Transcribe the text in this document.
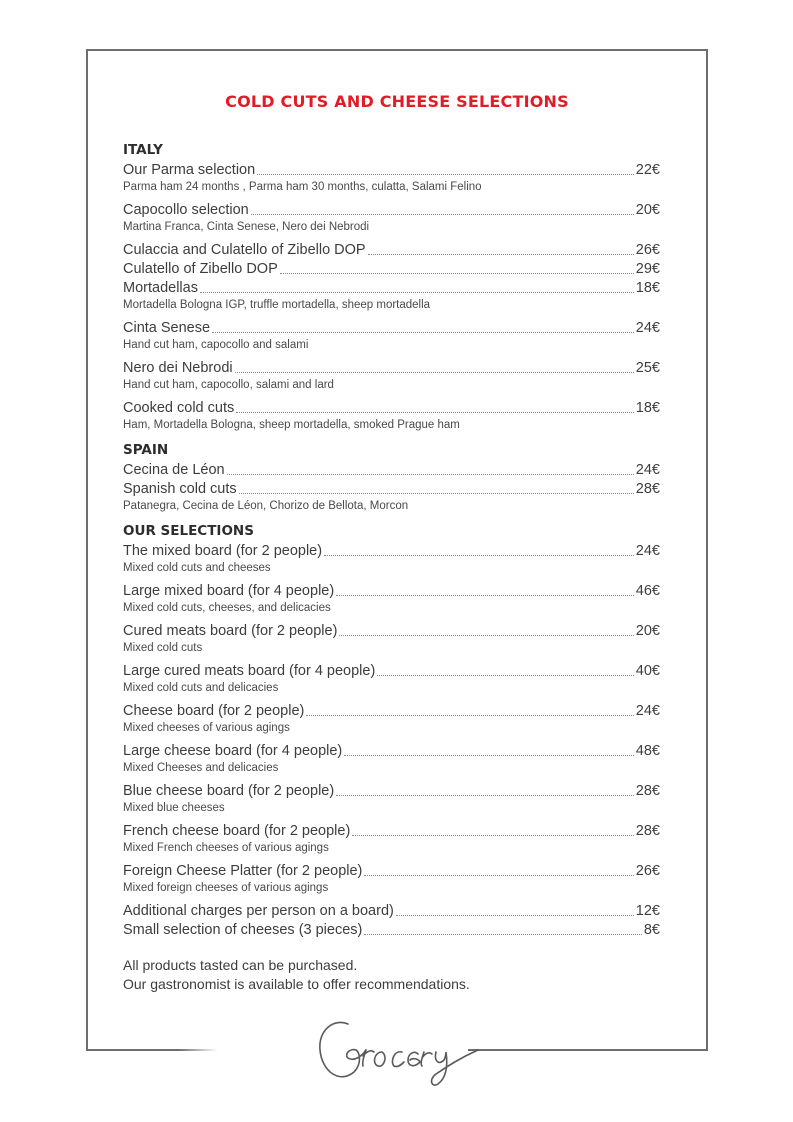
COLD CUTS AND CHEESE SELECTIONS
ITALY
Our Parma selection	22€
Parma ham 24 months , Parma ham 30 months, culatta, Salami Felino
Capocollo selection	20€
Martina Franca, Cinta Senese, Nero dei Nebrodi
Culaccia and Culatello of Zibello DOP	26€
Culatello of Zibello DOP	29€
Mortadellas	18€
Mortadella Bologna IGP, truffle mortadella, sheep mortadella
Cinta Senese	24€
Hand cut ham, capocollo and salami
Nero dei Nebrodi	25€
Hand cut ham, capocollo, salami and lard
Cooked cold cuts	18€
Ham, Mortadella Bologna, sheep mortadella, smoked Prague ham
SPAIN
Cecina de Léon	24€
Spanish cold cuts	28€
Patanegra, Cecina de Léon, Chorizo de Bellota, Morcon
OUR SELECTIONS
The mixed board (for 2 people)	24€
Mixed cold cuts and cheeses
Large mixed board (for 4 people)	46€
Mixed cold cuts, cheeses, and delicacies
Cured meats board (for 2 people)	20€
Mixed cold cuts
Large cured meats board (for 4 people)	40€
Mixed cold cuts and delicacies
Cheese board (for 2 people)	24€
Mixed cheeses of various agings
Large cheese board (for 4 people)	48€
Mixed Cheeses and delicacies
Blue cheese board (for 2 people)	28€
Mixed blue cheeses
French cheese board (for 2 people)	28€
Mixed French cheeses of various agings
Foreign Cheese Platter (for 2 people)	26€
Mixed foreign cheeses of various agings
Additional charges per person on a board)	12€
Small selection of cheeses (3 pieces)	8€
All products tasted can be purchased.
Our gastronomist is available to offer recommendations.
